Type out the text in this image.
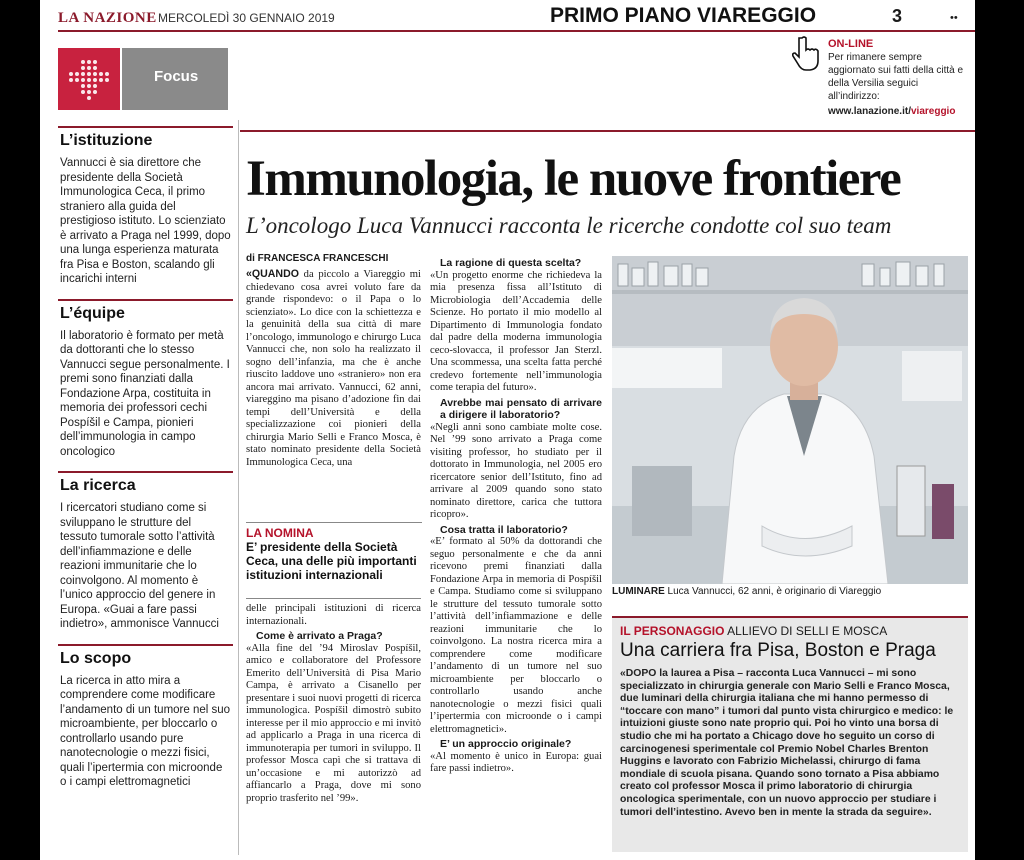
LA NAZIONE MERCOLEDÌ 30 GENNAIO 2019	PRIMO PIANO VIAREGGIO	3	••
ON-LINE
Per rimanere sempre aggiornato sui fatti della città e della Versilia seguici all’indirizzo:
www.lanazione.it/viareggio
Focus
L’istituzione

Vannucci è sia direttore che presidente della Società Immunologica Ceca, il primo straniero alla guida del prestigioso istituto. Lo scienziato è arrivato a Praga nel 1999, dopo una lunga esperienza maturata fra Pisa e Boston, scalando gli incarichi interni

L’équipe

Il laboratorio è formato per metà da dottoranti che lo stesso Vannucci segue personalmente. I premi sono finanziati dalla Fondazione Arpa, costituita in memoria dei professori cechi Pospíšil e Campa, pionieri dell’immunologia in campo oncologico

La ricerca

I ricercatori studiano come si sviluppano le strutture del tessuto tumorale sotto l’attività dell’infiammazione e delle reazioni immunitarie che lo coinvolgono. Al momento è l’unico approccio del genere in Europa. «Guai a fare passi indietro», ammonisce Vannucci

Lo scopo

La ricerca in atto mira a comprendere come modificare l’andamento di un tumore nel suo microambiente, per bloccarlo o controllarlo usando pure nanotecnologie o mezzi fisici, quali l’ipertermia con microonde o i campi elettromagnetici

Immunologia, le nuove frontiere
L’oncologo Luca Vannucci racconta le ricerche condotte col suo team
di FRANCESCA FRANCESCHI

«QUANDO da piccolo a Viareggio mi chiedevano cosa avrei voluto fare da grande rispondevo: o il Papa o lo scienziato». Lo dice con la schiettezza e la genuinità della sua città di mare l’oncologo, immunologo e chirurgo Luca Vannucci che, non solo ha realizzato il sogno dell’infanzia, ma che è anche riuscito laddove uno «straniero» non era ancora mai arrivato. Vannucci, 62 anni, viareggino ma pisano d’adozione fin dai tempi dell’Università e della specializzazione coi pionieri della chirurgia Mario Selli e Franco Mosca, è stato nominato presidente della Società Immunologica Ceca, una

LA NOMINA
E’ presidente della Società Ceca, una delle più importanti istituzioni internazionali

delle principali istituzioni di ricerca internazionali.

Come è arrivato a Praga?

«Alla fine del ’94 Miroslav Pospíšil, amico e collaboratore del Professore Emerito dell’Università di Pisa Mario Campa, è arrivato a Cisanello per presentare i suoi nuovi progetti di ricerca immunologica. Pospíšil dimostrò subito interesse per il mio approccio e mi invitò ad applicarlo a Praga in una ricerca di immunoterapia per tumori in sviluppo. Il professor Mosca capì che si trattava di un’occasione e mi autorizzò ad affiancarlo a Praga, dove mi sono proprio trasferito nel ’99».

La ragione di questa scelta?

«Un progetto enorme che richiedeva la mia presenza fissa all’Istituto di Microbiologia dell’Accademia delle Scienze. Ho portato il mio modello al Dipartimento di Immunologia fondato dal padre della moderna immunologia ceco-slovacca, il professor Jan Sterzl. Una scommessa, una scelta fatta perché credevo fortemente nell’immunologia come terapia del futuro».

Avrebbe mai pensato di arrivare a dirigere il laboratorio?

«Negli anni sono cambiate molte cose. Nel ’99 sono arrivato a Praga come visiting professor, ho studiato per il dottorato in Immunologia, nel 2005 ero ricercatore senior dell’Istituto, fino ad arrivare al 2009 quando sono stato nominato direttore, carica che tuttora ricopro».

Cosa tratta il laboratorio?

«E’ formato al 50% da dottorandi che seguo personalmente e che da anni ricevono premi finanziati dalla Fondazione Arpa in memoria di Pospíšil e Campa. Studiamo come si sviluppano le strutture del tessuto tumorale sotto l’attività dell’infiammazione e delle reazioni immunitarie che lo coinvolgono. La nostra ricerca mira a comprendere come modificare l’andamento di un tumore nel suo microambiente per bloccarlo o controllarlo usando anche nanotecnologie o mezzi fisici quali l’ipertermia con microonde o i campi elettromagnetici».

E’ un approccio originale?

«Al momento è unico in Europa: guai fare passi indietro».

LUMINARE Luca Vannucci, 62 anni, è originario di Viareggio
IL PERSONAGGIO ALLIEVO DI SELLI E MOSCA
Una carriera fra Pisa, Boston e Praga
«DOPO la laurea a Pisa – racconta Luca Vannucci – mi sono specializzato in chirurgia generale con Mario Selli e Franco Mosca, due luminari della chirurgia italiana che mi hanno permesso di “toccare con mano” i tumori dal punto vista chirurgico e medico: le intuizioni giuste sono nate proprio qui. Poi ho vinto una borsa di studio che mi ha portato a Chicago dove ho seguito un corso di carcinogenesi sperimentale col Premio Nobel Charles Brenton Huggins e lavorato con Fabrizio Michelassi, chirurgo di fama mondiale di scuola pisana. Quando sono tornato a Pisa abbiamo creato col professor Mosca il primo laboratorio di chirurgia oncologica sperimentale, con un nuovo approccio per studiare i tumori dell’intestino. Avevo ben in mente la strada da seguire».
